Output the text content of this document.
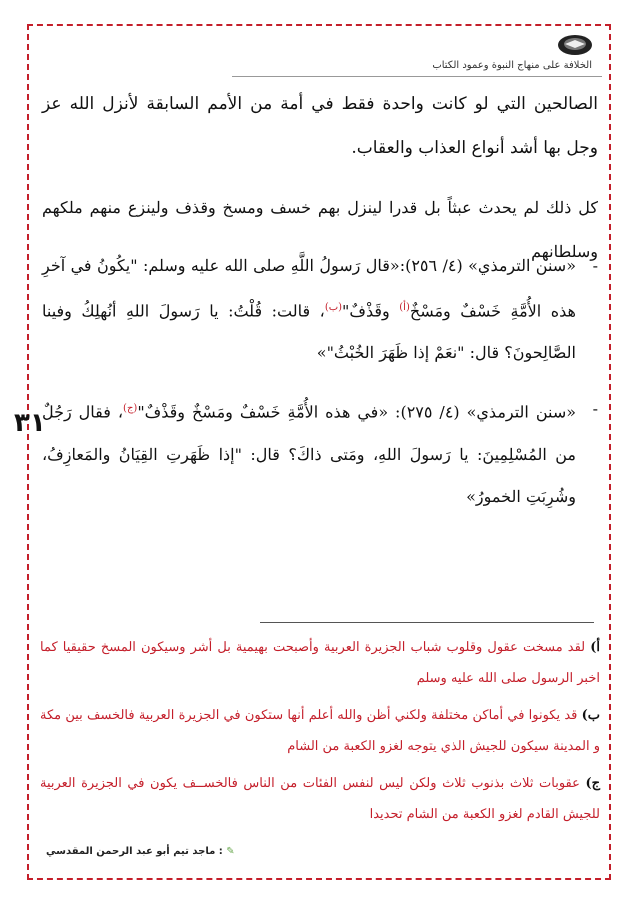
الخلافة على منهاج النبوة وعمود الكتاب
الصالحين التي لو كانت واحدة فقط في أمة من الأمم السابقة لأنزل الله عز وجل بها أشد أنواع العذاب والعقاب.
كل ذلك لم يحدث عبثاً بل قدرا لينزل بهم خسف ومسخ وقذف ولينزع منهم ملكهم وسلطانهم
-
«سنن الترمذي» (٤/ ٢٥٦):«قال رَسولُ اللَّهِ صلى الله عليه وسلم: "يكُونُ في آخرِ هذه الأُمَّةِ خَسْفٌ ومَسْخٌ$^{(أ)}$ وقَذْفٌ"$^{(ب)}$، قالت: قُلْتُ: يا رَسولَ اللهِ أنُهلِكُ وفينا الصَّالِحونَ؟ قال: "نعَمْ إذا ظَهَرَ الخُبْثُ"»
-
«سنن الترمذي» (٤/ ٢٧٥): «في هذه الأُمَّةِ خَسْفٌ ومَسْخٌ وقَذْفٌ"$^{(ج)}$، فقال رَجُلٌ من المُسْلِمِينَ: يا رَسولَ اللهِ، ومَتى ذاكَ؟ قال: "إذا ظَهَرتِ القِيَانُ والمَعازِفُ، وشُرِبَتِ الخمورُ»
٣١
أ) لقد مسخت عقول وقلوب شباب الجزيرة العربية وأصبحت بهيمية بل أشر وسيكون المسخ حقيقيا كما اخبر الرسول صلى الله عليه وسلم
ب) قد يكونوا في أماكن مختلفة ولكني أظن والله أعلم أنها ستكون في الجزيرة العربية فالخسف بين مكة و المدينة سيكون للجيش الذي يتوجه لغزو الكعبة من الشام
ج) عقوبات ثلاث بذنوب ثلاث ولكن ليس لنفس الفئات من الناس فالخســف يكون في الجزيرة العربية للجيش القادم لغزو الكعبة من الشام تحديدا
✎ : ماجد تيم أبو عبد الرحمن المقدسي
